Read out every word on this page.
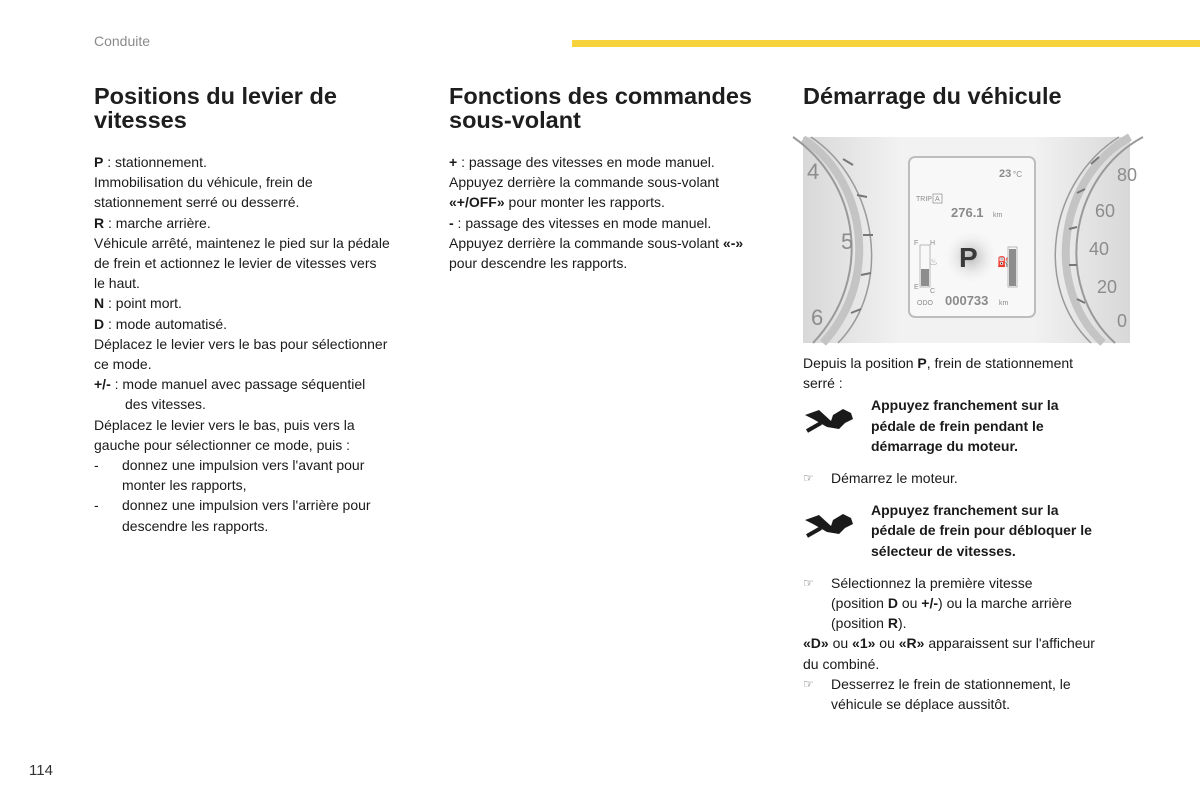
Conduite
Positions du levier de vitesses
P : stationnement.
Immobilisation du véhicule, frein de
stationnement serré ou desserré.
R : marche arrière.
Véhicule arrêté, maintenez le pied sur la pédale
de frein et actionnez le levier de vitesses vers
le haut.
N : point mort.
D : mode automatisé.
Déplacez le levier vers le bas pour sélectionner
ce mode.
+/- : mode manuel avec passage séquentiel
des vitesses.
Déplacez le levier vers le bas, puis vers la
gauche pour sélectionner ce mode, puis :
-	donnez une impulsion vers l'avant pour
monter les rapports,
-	donnez une impulsion vers l'arrière pour
descendre les rapports.
Fonctions des commandes sous-volant
+ : passage des vitesses en mode manuel.
Appuyez derrière la commande sous-volant
«+/OFF» pour monter les rapports.
- : passage des vitesses en mode manuel.
Appuyez derrière la commande sous-volant «-»
pour descendre les rapports.
Démarrage du véhicule
4
5
6
80
60
40
20
0
23 °C
TRIP A
276.1 km
F H
E
C
♨ P ⛽
ODO 000733 km
Depuis la position P, frein de stationnement
serré :
Appuyez franchement sur la
pédale de frein pendant le
démarrage du moteur.
☞	Démarrez le moteur.
Appuyez franchement sur la
pédale de frein pour débloquer le
sélecteur de vitesses.
☞	Sélectionnez la première vitesse
(position D ou +/-) ou la marche arrière
(position R).
«D» ou «1» ou «R» apparaissent sur l'afficheur
du combiné.
☞	Desserrez le frein de stationnement, le
véhicule se déplace aussitôt.
114
